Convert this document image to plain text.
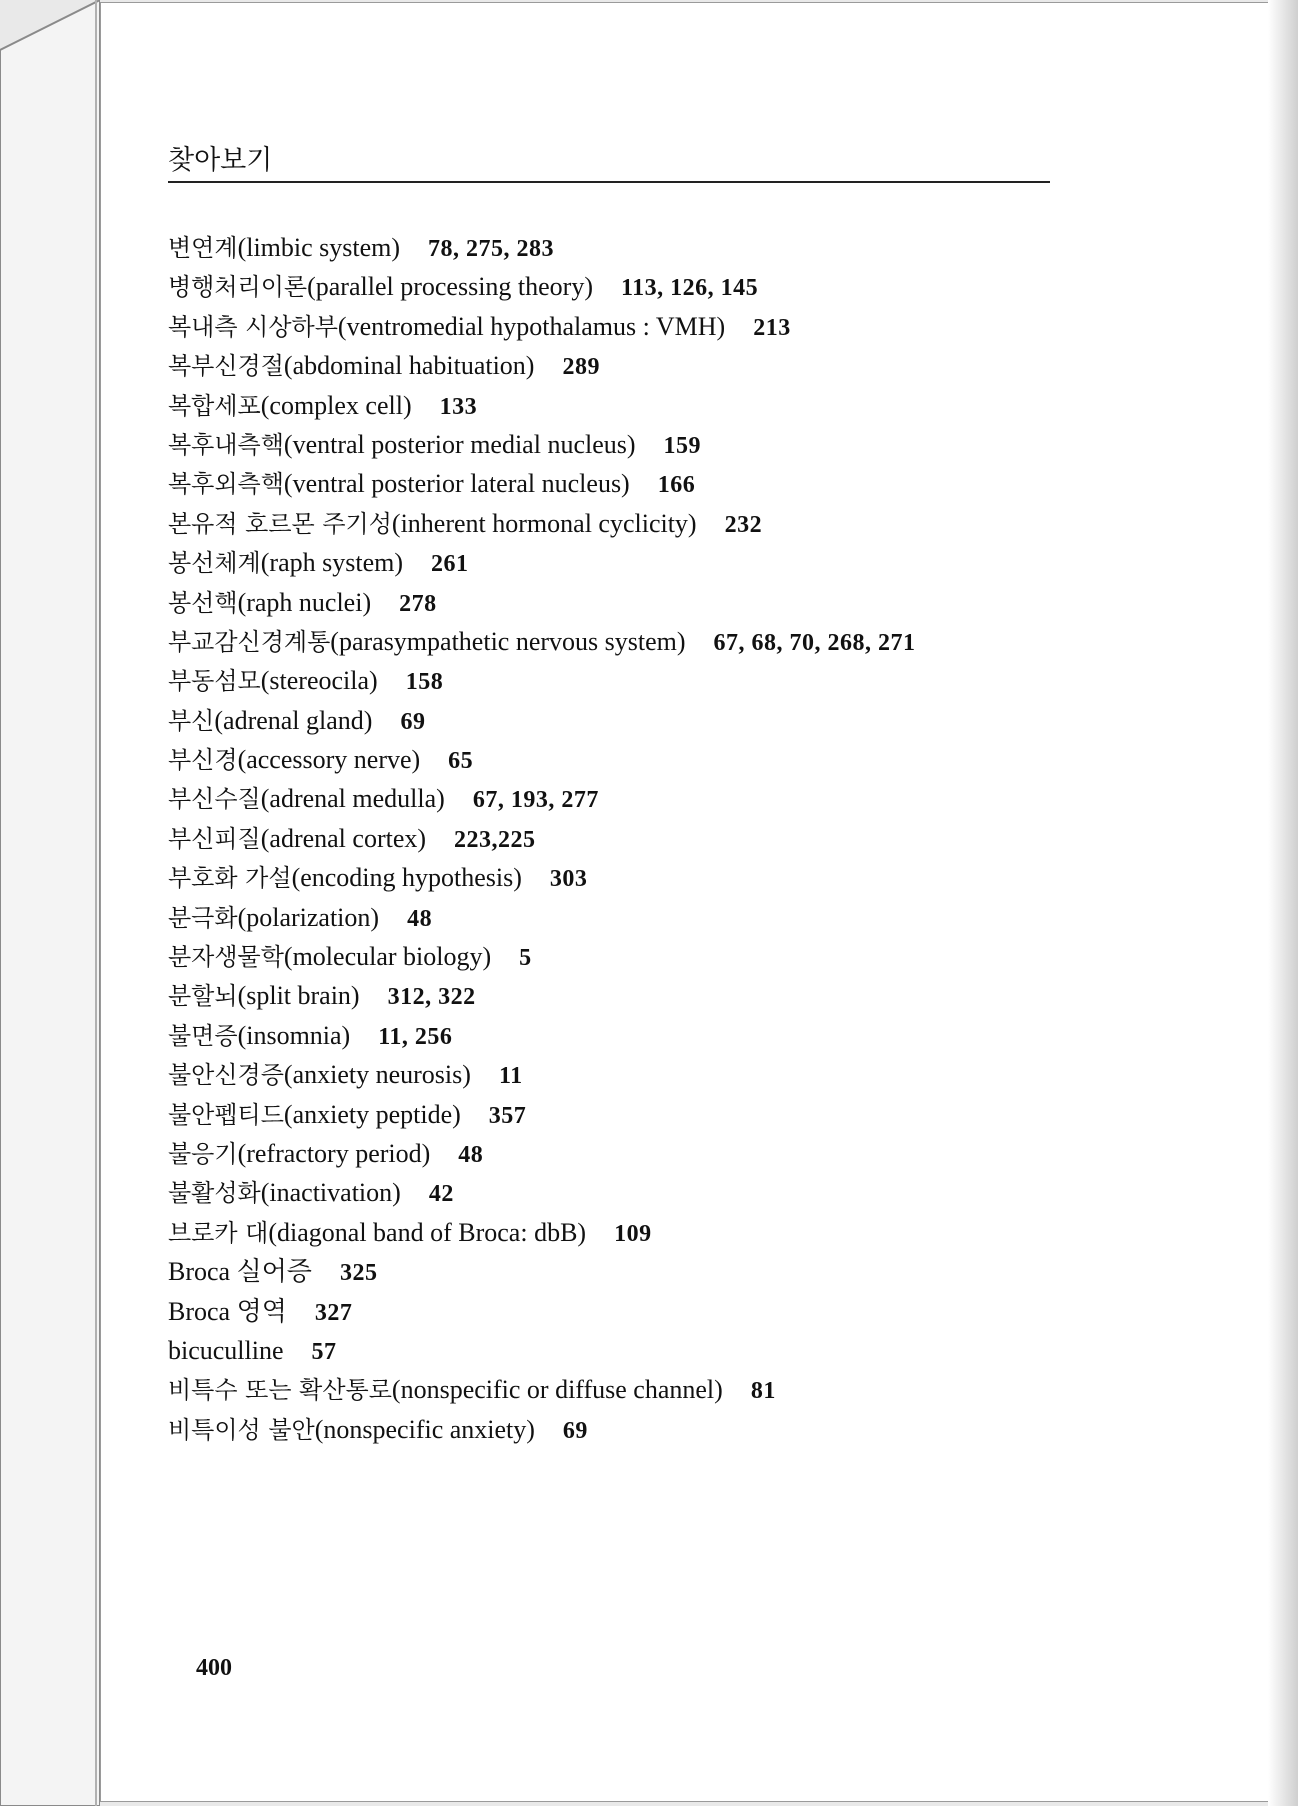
찾아보기
변연계(limbic system) 78, 275, 283
병행처리이론(parallel processing theory) 113, 126, 145
복내측 시상하부(ventromedial hypothalamus : VMH) 213
복부신경절(abdominal habituation) 289
복합세포(complex cell) 133
복후내측핵(ventral posterior medial nucleus) 159
복후외측핵(ventral posterior lateral nucleus) 166
본유적 호르몬 주기성(inherent hormonal cyclicity) 232
봉선체계(raph system) 261
봉선핵(raph nuclei) 278
부교감신경계통(parasympathetic nervous system) 67, 68, 70, 268, 271
부동섬모(stereocila) 158
부신(adrenal gland) 69
부신경(accessory nerve) 65
부신수질(adrenal medulla) 67, 193, 277
부신피질(adrenal cortex) 223,225
부호화 가설(encoding hypothesis) 303
분극화(polarization) 48
분자생물학(molecular biology) 5
분할뇌(split brain) 312, 322
불면증(insomnia) 11, 256
불안신경증(anxiety neurosis) 11
불안펩티드(anxiety peptide) 357
불응기(refractory period) 48
불활성화(inactivation) 42
브로카 대(diagonal band of Broca: dbB) 109
Broca 실어증 325
Broca 영역 327
bicuculline 57
비특수 또는 확산통로(nonspecific or diffuse channel) 81
비특이성 불안(nonspecific anxiety) 69
400
